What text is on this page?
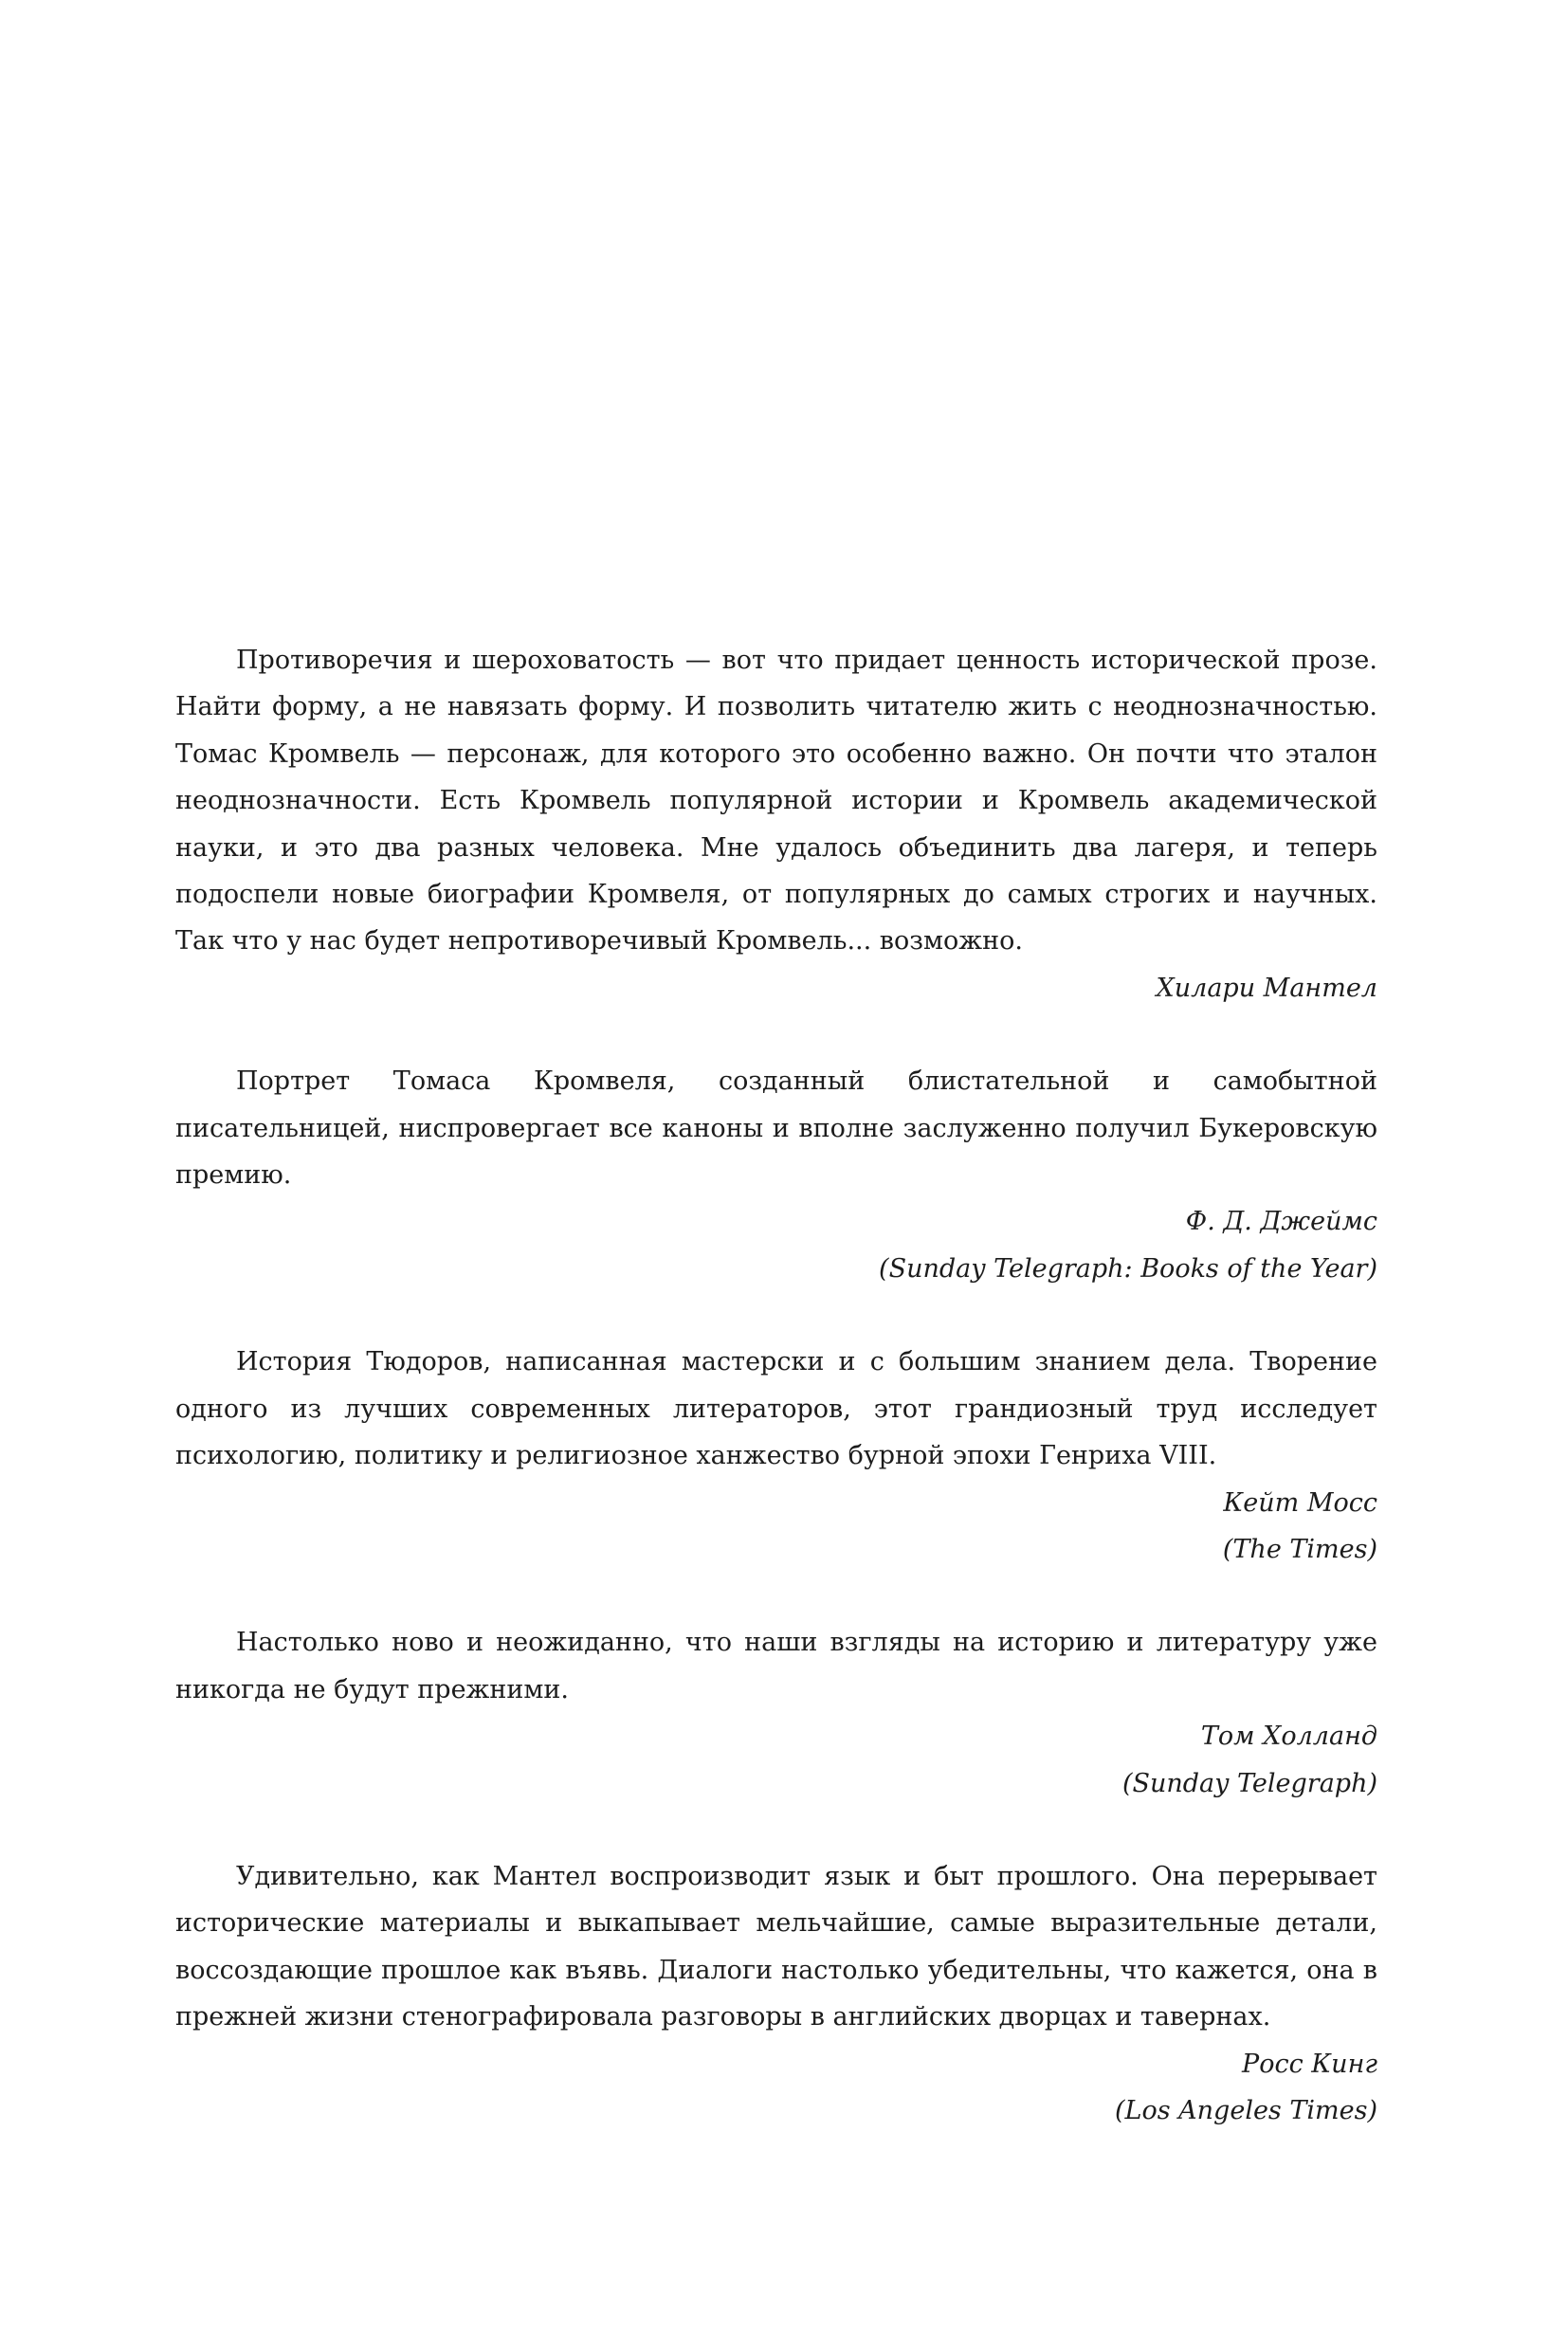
Противоречия и шероховатость — вот что придает ценность исторической прозе. Найти форму, а не навязать форму. И позволить читателю жить с неоднозначностью. Томас Кромвель — персонаж, для которого это особенно важно. Он почти что эталон неоднозначности. Есть Кромвель популярной истории и Кромвель академической науки, и это два разных человека. Мне удалось объединить два лагеря, и теперь подоспели новые биографии Кромвеля, от популярных до самых строгих и научных. Так что у нас будет непротиворечивый Кромвель... возможно.

Хилари Мантел

Портрет Томаса Кромвеля, созданный блистательной и самобытной писательницей, ниспровергает все каноны и вполне заслуженно получил Букеровскую премию.

Ф. Д. Джеймс
(Sunday Telegraph: Books of the Year)

История Тюдоров, написанная мастерски и с большим знанием дела. Творение одного из лучших современных литераторов, этот грандиозный труд исследует психологию, политику и религиозное ханжество бурной эпохи Генриха VIII.

Кейт Мосс
(The Times)

Настолько ново и неожиданно, что наши взгляды на историю и литературу уже никогда не будут прежними.

Том Холланд
(Sunday Telegraph)

Удивительно, как Мантел воспроизводит язык и быт прошлого. Она перерывает исторические материалы и выкапывает мельчайшие, самые выразительные детали, воссоздающие прошлое как въявь. Диалоги настолько убедительны, что кажется, она в прежней жизни стенографировала разговоры в английских дворцах и тавернах.

Росс Кинг
(Los Angeles Times)
